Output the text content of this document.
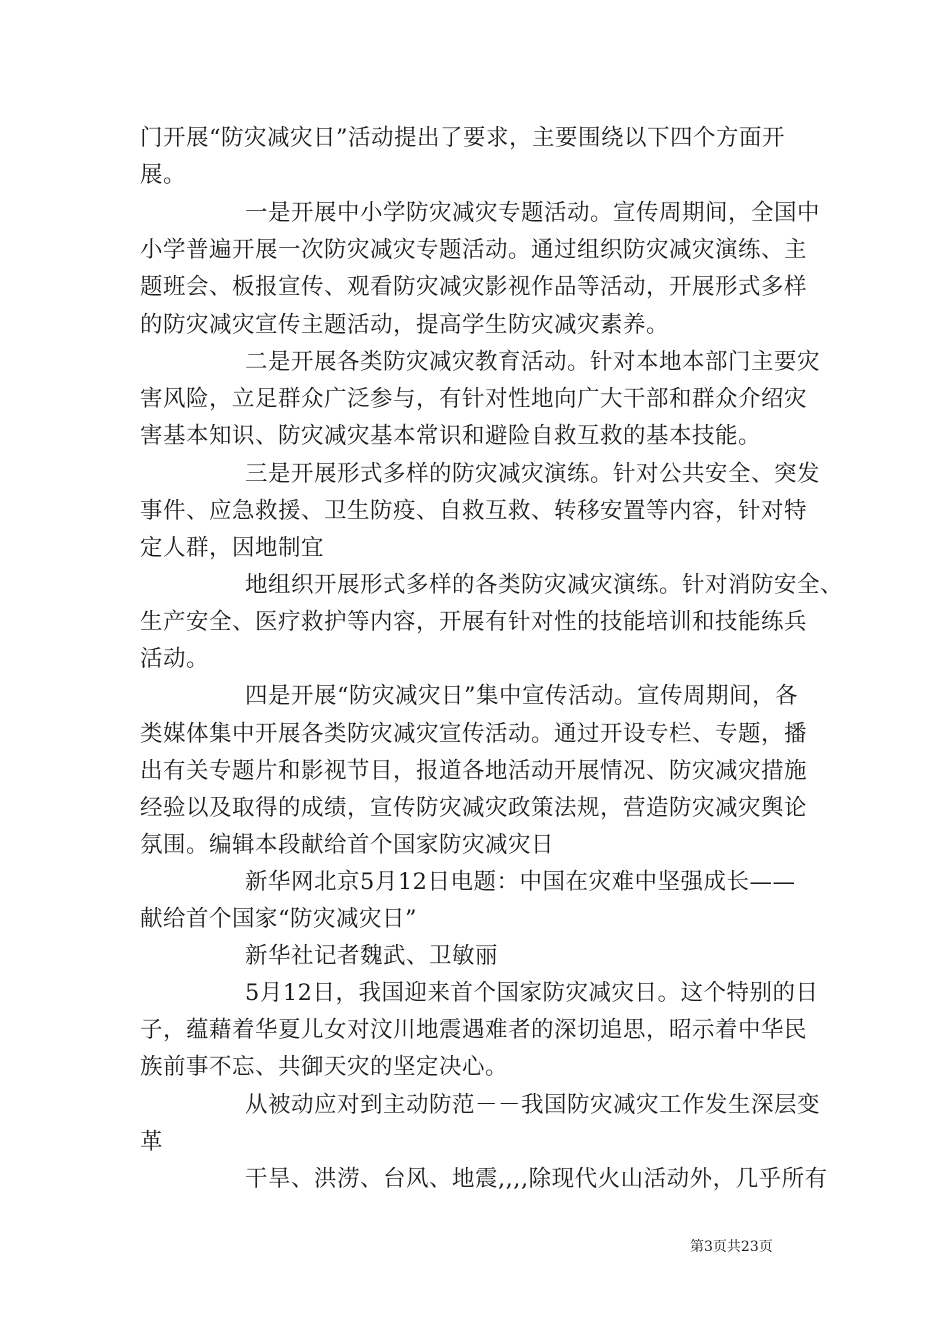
门开展“防灾减灾日”活动提出了要求，主要围绕以下四个方面开
展。
一是开展中小学防灾减灾专题活动。宣传周期间，全国中
小学普遍开展一次防灾减灾专题活动。通过组织防灾减灾演练、主
题班会、板报宣传、观看防灾减灾影视作品等活动，开展形式多样
的防灾减灾宣传主题活动，提高学生防灾减灾素养。
二是开展各类防灾减灾教育活动。针对本地本部门主要灾
害风险，立足群众广泛参与，有针对性地向广大干部和群众介绍灾
害基本知识、防灾减灾基本常识和避险自救互救的基本技能。
三是开展形式多样的防灾减灾演练。针对公共安全、突发
事件、应急救援、卫生防疫、自救互救、转移安置等内容，针对特
定人群，因地制宜
地组织开展形式多样的各类防灾减灾演练。针对消防安全、
生产安全、医疗救护等内容，开展有针对性的技能培训和技能练兵
活动。
四是开展“防灾减灾日”集中宣传活动。宣传周期间，各
类媒体集中开展各类防灾减灾宣传活动。通过开设专栏、专题，播
出有关专题片和影视节目，报道各地活动开展情况、防灾减灾措施
经验以及取得的成绩，宣传防灾减灾政策法规，营造防灾减灾舆论
氛围。编辑本段献给首个国家防灾减灾日
新华网北京5月12日电题：中国在灾难中坚强成长——
献给首个国家“防灾减灾日”
新华社记者魏武、卫敏丽
5月12日，我国迎来首个国家防灾减灾日。这个特别的日
子，蕴藉着华夏儿女对汶川地震遇难者的深切追思，昭示着中华民
族前事不忘、共御天灾的坚定决心。
从被动应对到主动防范－－我国防灾减灾工作发生深层变
革
干旱、洪涝、台风、地震,,,,除现代火山活动外，几乎所有
第3页共23页
